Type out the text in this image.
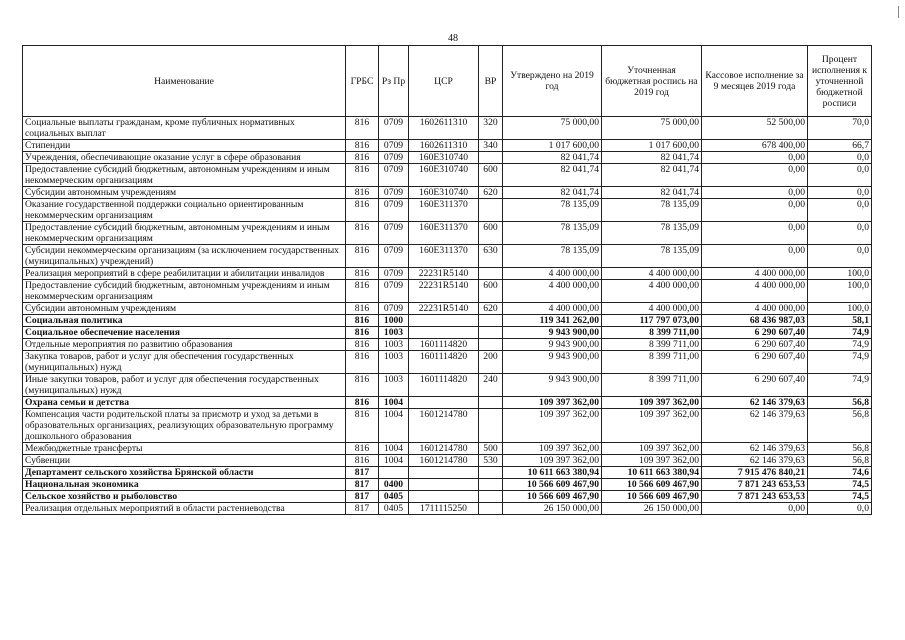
48
Наименование	ГРБС	Рз Пр	ЦСР	ВР	Утверждено на 2019 год	Уточненная бюджетная роспись на 2019 год	Кассовое исполнение за 9 месяцев 2019 года	Процент исполнения к уточненной бюджетной росписи
Социальные выплаты гражданам, кроме публичных нормативных социальных выплат	816	0709	1602611310	320	75 000,00	75 000,00	52 500,00	70,0
Стипендии	816	0709	1602611310	340	1 017 600,00	1 017 600,00	678 400,00	66,7
Учреждения, обеспечивающие оказание услуг в сфере образования	816	0709	160Е310740		82 041,74	82 041,74	0,00	0,0
Предоставление субсидий бюджетным, автономным учреждениям и иным некоммерческим организациям	816	0709	160Е310740	600	82 041,74	82 041,74	0,00	0,0
Субсидии автономным учреждениям	816	0709	160Е310740	620	82 041,74	82 041,74	0,00	0,0
Оказание государственной поддержки социально ориентированным некоммерческим организациям	816	0709	160Е311370		78 135,09	78 135,09	0,00	0,0
Предоставление субсидий бюджетным, автономным учреждениям и иным некоммерческим организациям	816	0709	160Е311370	600	78 135,09	78 135,09	0,00	0,0
Субсидии некоммерческим организациям (за исключением государственных (муниципальных) учреждений)	816	0709	160Е311370	630	78 135,09	78 135,09	0,00	0,0
Реализация мероприятий в сфере реабилитации и абилитации инвалидов	816	0709	22231R5140		4 400 000,00	4 400 000,00	4 400 000,00	100,0
Предоставление субсидий бюджетным, автономным учреждениям и иным некоммерческим организациям	816	0709	22231R5140	600	4 400 000,00	4 400 000,00	4 400 000,00	100,0
Субсидии автономным учреждениям	816	0709	22231R5140	620	4 400 000,00	4 400 000,00	4 400 000,00	100,0
Социальная политика	816	1000			119 341 262,00	117 797 073,00	68 436 987,03	58,1
Социальное обеспечение населения	816	1003			9 943 900,00	8 399 711,00	6 290 607,40	74,9
Отдельные мероприятия по развитию образования	816	1003	1601114820		9 943 900,00	8 399 711,00	6 290 607,40	74,9
Закупка товаров, работ и услуг для обеспечения государственных (муниципальных) нужд	816	1003	1601114820	200	9 943 900,00	8 399 711,00	6 290 607,40	74,9
Иные закупки товаров, работ и услуг для обеспечения государственных (муниципальных) нужд	816	1003	1601114820	240	9 943 900,00	8 399 711,00	6 290 607,40	74,9
Охрана семьи и детства	816	1004			109 397 362,00	109 397 362,00	62 146 379,63	56,8
Компенсация части родительской платы за присмотр и уход за детьми в образовательных организациях, реализующих образовательную программу дошкольного образования	816	1004	1601214780		109 397 362,00	109 397 362,00	62 146 379,63	56,8
Межбюджетные трансферты	816	1004	1601214780	500	109 397 362,00	109 397 362,00	62 146 379,63	56,8
Субвенции	816	1004	1601214780	530	109 397 362,00	109 397 362,00	62 146 379,63	56,8
Департамент сельского хозяйства Брянской области	817				10 611 663 380,94	10 611 663 380,94	7 915 476 840,21	74,6
Национальная экономика	817	0400			10 566 609 467,90	10 566 609 467,90	7 871 243 653,53	74,5
Сельское хозяйство и рыболовство	817	0405			10 566 609 467,90	10 566 609 467,90	7 871 243 653,53	74,5
Реализация отдельных мероприятий в области растениеводства	817	0405	1711115250		26 150 000,00	26 150 000,00	0,00	0,0
